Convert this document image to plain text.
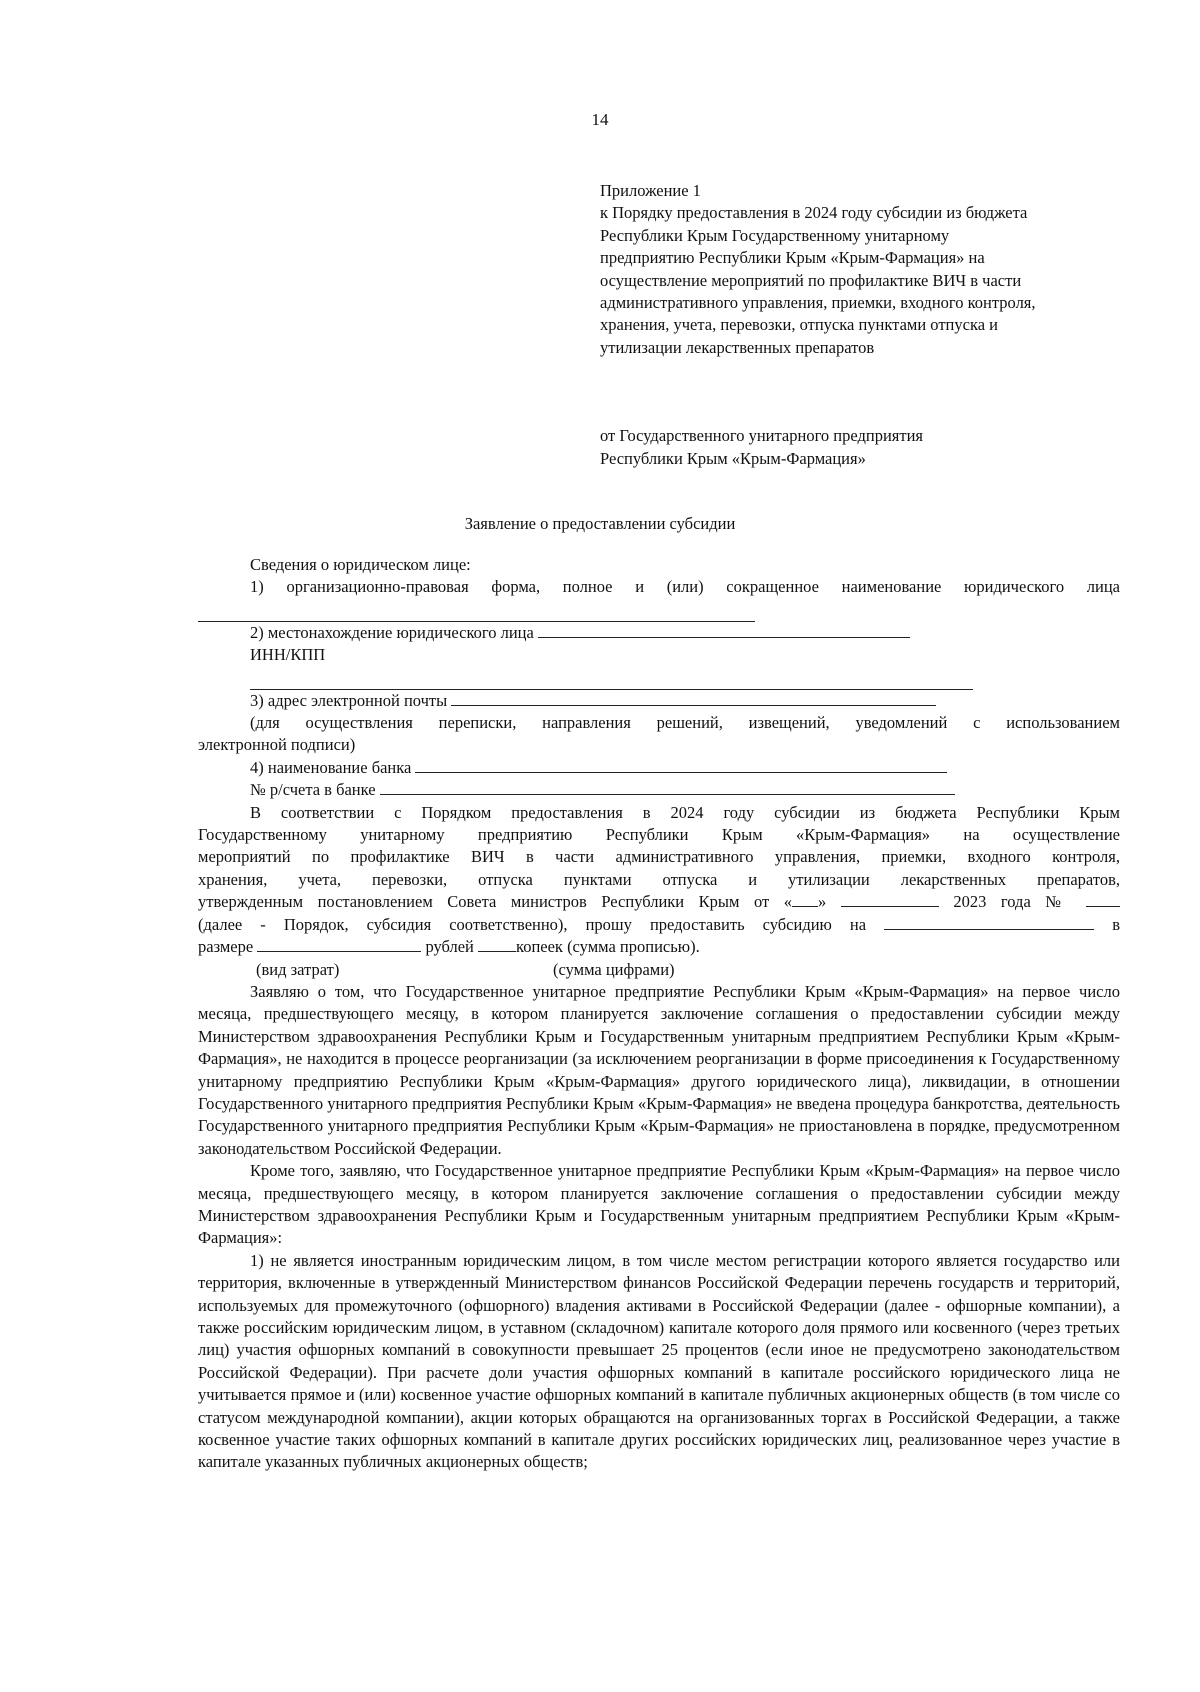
14
Приложение 1
к Порядку предоставления в 2024 году субсидии из бюджета
Республики Крым Государственному унитарному
предприятию Республики Крым «Крым-Фармация» на
осуществление мероприятий по профилактике ВИЧ в части
административного управления, приемки, входного контроля,
хранения, учета, перевозки, отпуска пунктами отпуска и
утилизации лекарственных препаратов
от Государственного унитарного предприятия
Республики Крым «Крым-Фармация»
Заявление о предоставлении субсидии

Сведения о юридическом лице:

1) организационно-правовая форма, полное и (или) сокращенное наименование юридического лица

2) местонахождение юридического лица

ИНН/КПП

3) адрес электронной почты

(для осуществления переписки, направления решений, извещений, уведомлений с использованием

электронной подписи)

4) наименование банка

№ р/счета в банке

В соответствии с Порядком предоставления в 2024 году субсидии из бюджета Республики Крым

Государственному унитарному предприятию Республики Крым «Крым-Фармация» на осуществление

мероприятий по профилактике ВИЧ в части административного управления, приемки, входного контроля,

хранения, учета, перевозки, отпуска пунктами отпуска и утилизации лекарственных препаратов,

утвержденным постановлением Совета министров Республики Крым от « »	2023 года №

(далее - Порядок, субсидия соответственно), прошу предоставить субсидию на	в

размере	рублей	копеек (сумма прописью).

(вид затрат)	(сумма цифрами)

Заявляю о том, что Государственное унитарное предприятие Республики Крым «Крым-Фармация» на первое число месяца, предшествующего месяцу, в котором планируется заключение соглашения о предоставлении субсидии между Министерством здравоохранения Республики Крым и Государственным унитарным предприятием Республики Крым «Крым-Фармация», не находится в процессе реорганизации (за исключением реорганизации в форме присоединения к Государственному унитарному предприятию Республики Крым «Крым-Фармация» другого юридического лица), ликвидации, в отношении Государственного унитарного предприятия Республики Крым «Крым-Фармация» не введена процедура банкротства, деятельность Государственного унитарного предприятия Республики Крым «Крым-Фармация» не приостановлена в порядке, предусмотренном законодательством Российской Федерации.

Кроме того, заявляю, что Государственное унитарное предприятие Республики Крым «Крым-Фармация» на первое число месяца, предшествующего месяцу, в котором планируется заключение соглашения о предоставлении субсидии между Министерством здравоохранения Республики Крым и Государственным унитарным предприятием Республики Крым «Крым-Фармация»:

1) не является иностранным юридическим лицом, в том числе местом регистрации которого является государство или территория, включенные в утвержденный Министерством финансов Российской Федерации перечень государств и территорий, используемых для промежуточного (офшорного) владения активами в Российской Федерации (далее - офшорные компании), а также российским юридическим лицом, в уставном (складочном) капитале которого доля прямого или косвенного (через третьих лиц) участия офшорных компаний в совокупности превышает 25 процентов (если иное не предусмотрено законодательством Российской Федерации). При расчете доли участия офшорных компаний в капитале российского юридического лица не учитывается прямое и (или) косвенное участие офшорных компаний в капитале публичных акционерных обществ (в том числе со статусом международной компании), акции которых обращаются на организованных торгах в Российской Федерации, а также косвенное участие таких офшорных компаний в капитале других российских юридических лиц, реализованное через участие в капитале указанных публичных акционерных обществ;
